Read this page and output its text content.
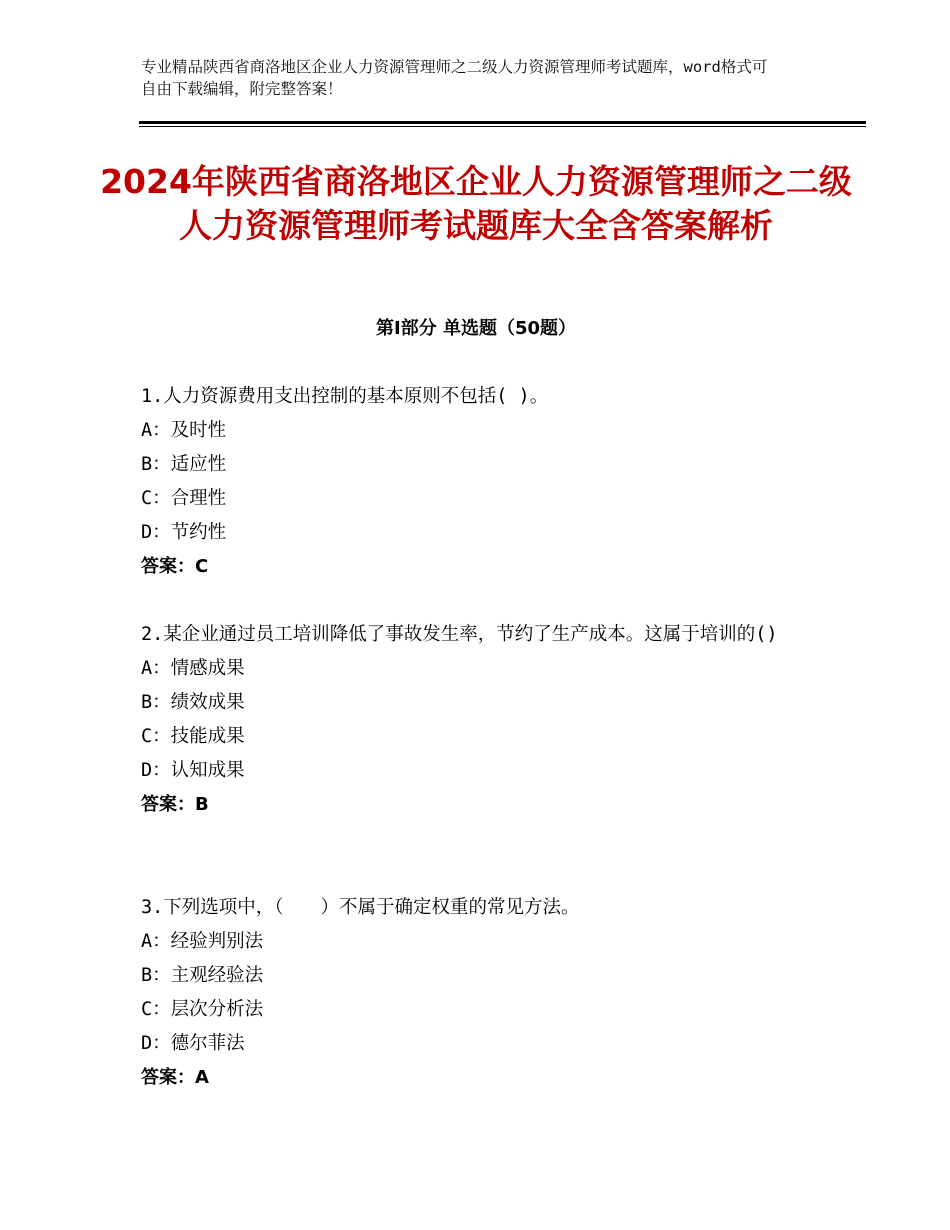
专业精品陕西省商洛地区企业人力资源管理师之二级人力资源管理师考试题库，word格式可自由下载编辑，附完整答案！
2024年陕西省商洛地区企业人力资源管理师之二级人力资源管理师考试题库大全含答案解析
第Ⅰ部分 单选题（50题）
1.人力资源费用支出控制的基本原则不包括( )。
A：及时性
B：适应性
C：合理性
D：节约性
答案：C
2.某企业通过员工培训降低了事故发生率，节约了生产成本。这属于培训的()
A：情感成果
B：绩效成果
C：技能成果
D：认知成果
答案：B
3.下列选项中，（　　）不属于确定权重的常见方法。
A：经验判别法
B：主观经验法
C：层次分析法
D：德尔菲法
答案：A
